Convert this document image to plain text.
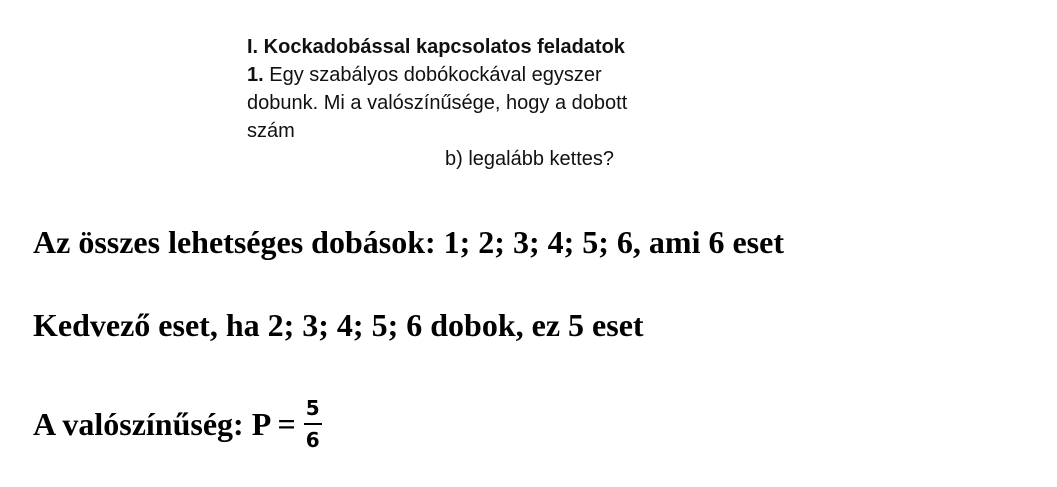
I. Kockadobással kapcsolatos feladatok

1. Egy szabályos dobókockával egyszer

dobunk. Mi a valószínűsége, hogy a dobott

szám

b) legalább kettes?

Az összes lehetséges dobások: 1; 2; 3; 4; 5; 6, ami 6 eset
Kedvező eset, ha 2; 3; 4; 5; 6 dobok, ez 5 eset
A valószínűség: $P = \frac{5}{6}$
